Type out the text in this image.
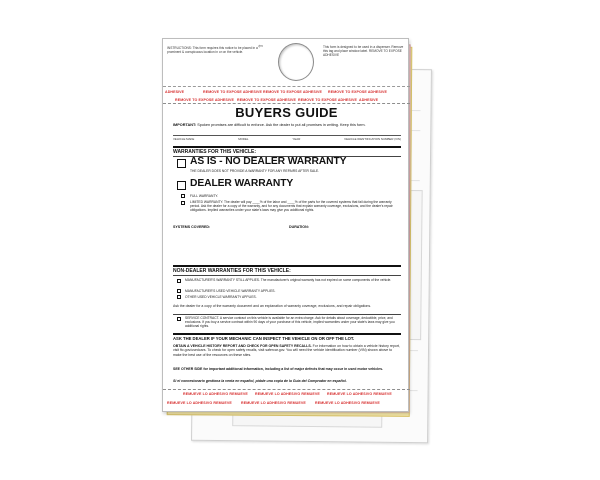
INSTRUCTIONS: This form requires this notice to be placed in a prominent & conspicuous location in or on the vehicle.
⇦	This form is designed to be used in a dispenser. Remove this tag and place window label. REMOVE TO EXPOSE ADHESIVE
ADHESIVE	REMOVE TO EXPOSE ADHESIVE REMOVE TO EXPOSE ADHESIVE REMOVE TO EXPOSE ADHESIVE
REMOVE TO EXPOSE ADHESIVE REMOVE TO EXPOSE ADHESIVE REMOVE TO EXPOSE ADHESIVE ADHESIVE
BUYERS GUIDE
IMPORTANT: Spoken promises are difficult to enforce. Ask the dealer to put all promises in writing. Keep this form.
VEHICLE MAKE	MODEL	YEAR	VEHICLE IDENTIFICATION NUMBER (VIN)
WARRANTIES FOR THIS VEHICLE:
AS IS - NO DEALER WARRANTY
THE DEALER DOES NOT PROVIDE A WARRANTY FOR ANY REPAIRS AFTER SALE.
DEALER WARRANTY
FULL WARRANTY.
LIMITED WARRANTY. The dealer will pay ____% of the labor and ____% of the parts for the covered systems that fail during the warranty period. Ask the dealer for a copy of the warranty, and for any documents that explain warranty coverage, exclusions, and the dealer's repair obligations. Implied warranties under your state's laws may give you additional rights.
SYSTEMS COVERED:	DURATION:
NON-DEALER WARRANTIES FOR THIS VEHICLE:
MANUFACTURER'S WARRANTY STILL APPLIES. The manufacturer's original warranty has not expired on some components of the vehicle.
MANUFACTURER'S USED VEHICLE WARRANTY APPLIES.
OTHER USED VEHICLE WARRANTY APPLIES.
Ask the dealer for a copy of the warranty document and an explanation of warranty coverage, exclusions, and repair obligations.
SERVICE CONTRACT. A service contract on this vehicle is available for an extra charge. Ask for details about coverage, deductible, price, and exclusions. If you buy a service contract within 90 days of your purchase of this vehicle, implied warranties under your state's laws may give you additional rights.
ASK THE DEALER IF YOUR MECHANIC CAN INSPECT THE VEHICLE ON OR OFF THE LOT.
OBTAIN A VEHICLE HISTORY REPORT AND CHECK FOR OPEN SAFETY RECALLS. For information on how to obtain a vehicle history report, visit ftc.gov/usedcars. To check for open safety recalls, visit safercar.gov. You will need the vehicle identification number (VIN) shown above to make the best use of the resources on these sites.
SEE OTHER SIDE for important additional information, including a list of major defects that may occur in used motor vehicles.
Si el concesionario gestiona la venta en español, pídale una copia de la Guía del Comprador en español.
REMUEVE LO ADHESIVO REMUEVE REMUEVE LO ADHESIVO REMUEVE REMUEVE LO ADHESIVO REMUEVE
REMUEVE LO ADHESIVO REMUEVE	REMUEVE LO ADHESIVO REMUEVE	REMUEVE LO ADHESIVO REMUEVE
